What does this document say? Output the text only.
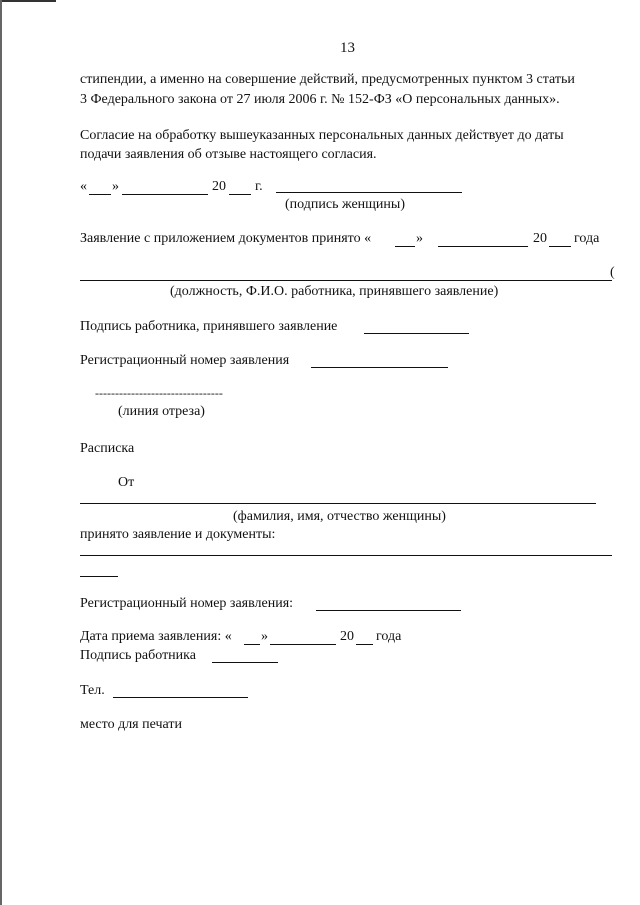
13
стипендии, а именно на совершение действий, предусмотренных пунктом 3 статьи
3 Федерального закона от 27 июля 2006 г. № 152-ФЗ «О персональных данных».
Согласие на обработку вышеуказанных персональных данных действует до даты
подачи заявления об отзыве настоящего согласия.
« »	20 г.
(подпись женщины)
Заявление с приложением документов принято «	»	20 года
(
(должность, Ф.И.О. работника, принявшего заявление)
Подпись работника, принявшего заявление
Регистрационный номер заявления
--------------------------------
(линия отреза)
Расписка
От
(фамилия, имя, отчество женщины)
принято заявление и документы:
Регистрационный номер заявления:
Дата приема заявления: « »	20 года
Подпись работника
Тел.
место для печати
